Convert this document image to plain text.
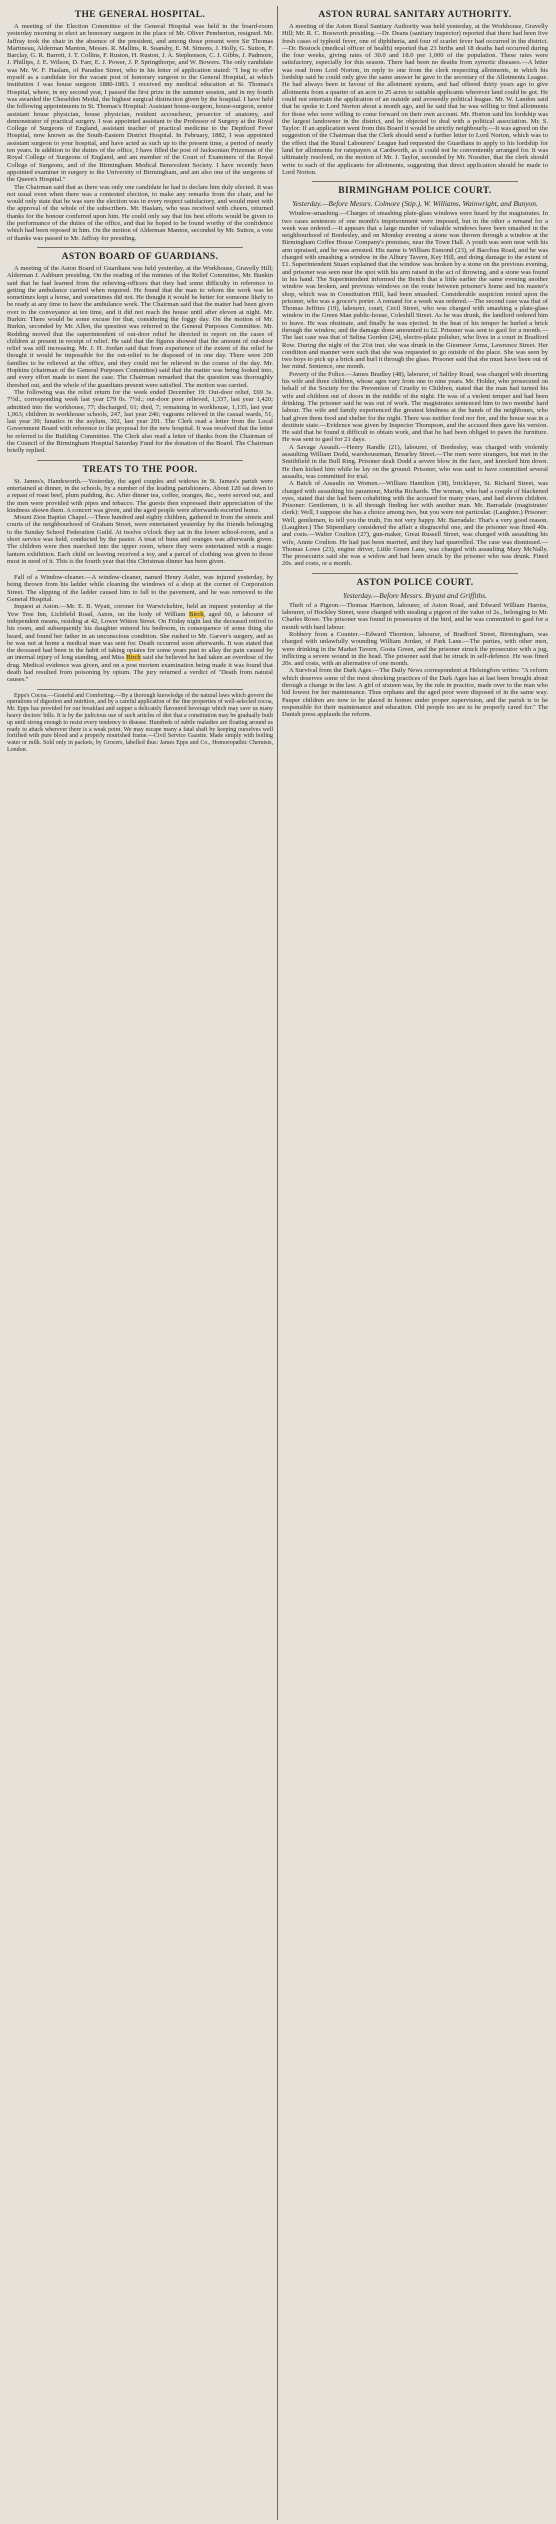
THE GENERAL HOSPITAL.

A meeting of the Election Committee of the General Hospital was held in the board-room yesterday morning to elect an honorary surgeon in the place of Mr. Oliver Pemberton, resigned. Mr. Jaffray took the chair in the absence of the president, and among those present were Sir Thomas Martineau, Alderman Manton, Messrs. R. Mallins, R. Soansby, E. M. Simons, J. Holly, G. Sutton, F. Barclay, G. R. Barrett, J. T. Collins, F. Ruston, H. Ruston, J. A. Stephenson, C. J. Gibbs, J. Padmore, J. Phillips, J. E. Wilson, D. Farr, E. J. Power, J. P. Springthorpe, and W. Bowers. The only candidate was Mr. W. F. Haslam, of Paradise Street, who in his letter of application stated: "I beg to offer myself as a candidate for the vacant post of honorary surgeon to the General Hospital, at which institution I was house surgeon 1880-1883. I received my medical education at St. Thomas's Hospital, where, in my second year, I passed the first prize in the summer session, and in my fourth was awarded the Cheselden Medal, the highest surgical distinction given by the hospital. I have held the following appointments in St. Thomas's Hospital: Assistant house-surgeon, house-surgeon, senior assistant house physician, house physician, resident accoucheur, prosector of anatomy, and demonstrator of practical surgery. I was appointed assistant to the Professor of Surgery at the Royal College of Surgeons of England, assistant teacher of practical medicine to the Deptford Fever Hospital, now known as the South-Eastern District Hospital. In February, 1882, I was appointed assistant surgeon to your hospital, and have acted as such up to the present time, a period of nearly ten years. In addition to the duties of the office, I have filled the post of Jacksonian Prizeman of the Royal College of Surgeons of England, and am member of the Court of Examiners of the Royal College of Surgeons, and of the Birmingham Medical Benevolent Society. I have recently been appointed examiner in surgery to the University of Birmingham, and am also one of the surgeons of the Queen's Hospital."

The Chairman said that as there was only one candidate he had to declare him duly elected. It was not usual even when there was a contested election, to make any remarks from the chair, and he would only state that he was sure the election was in every respect satisfactory, and would meet with the approval of the whole of the subscribers. Mr. Haslam, who was received with cheers, returned thanks for the honour conferred upon him. He could only say that his best efforts would be given to the performance of the duties of the office, and that he hoped to be found worthy of the confidence which had been reposed in him. On the motion of Alderman Manton, seconded by Mr. Sutton, a vote of thanks was passed to Mr. Jaffray for presiding.

ASTON BOARD OF GUARDIANS.

A meeting of the Aston Board of Guardians was held yesterday, at the Workhouse, Gravelly Hill; Alderman J. Ashburn presiding. On the reading of the minutes of the Relief Committee, Mr. Bunkin said that he had learned from the relieving-officers that they had some difficulty in reference to getting the ambulance carried when required. He found that the man to whom the work was let sometimes kept a horse, and sometimes did not. He thought it would be better for someone likely to be ready at any time to have the ambulance work. The Chairman said that the matter had been given over to the conveyance at ten time, and it did not reach the house until after eleven at night. Mr. Burkin: There would be some excuse for that, considering the foggy day. On the motion of Mr. Burkin, seconded by Mr. Allen, the question was referred to the General Purposes Committee. Mr. Redding moved that the superintendent of out-door relief be directed to report on the cases of children at present in receipt of relief. He said that the figures showed that the amount of out-door relief was still increasing. Mr. J. H. Jordan said that from experience of the extent of the relief he thought it would be impossible for the out-relief to be disposed of in one day. There were 200 families to be relieved at the office, and they could not be relieved in the course of the day. Mr. Hopkins (chairman of the General Purposes Committee) said that the matter was being looked into, and every effort made to meet the case. The Chairman remarked that the question was thoroughly threshed out, and the whole of the guardians present were satisfied. The motion was carried.

The following was the relief return for the week ended December 19: Out-door relief, £69 3s. 7½d., corresponding week last year £79 0s. 7½d.; out-door poor relieved, 1,337, last year 1,420; admitted into the workhouse, 77; discharged, 61; died, 7; remaining in workhouse, 1,135, last year 1,063; children in workhouse schools, 247, last year 246; vagrants relieved in the casual wards, 51, last year 39; lunatics in the asylum, 302, last year 291. The Clerk read a letter from the Local Government Board with reference to the proposal for the new hospital. It was resolved that the letter be referred to the Building Committee. The Clerk also read a letter of thanks from the Chairman of the Council of the Birmingham Hospital Saturday Fund for the donation of the Board. The Chairman briefly replied.

TREATS TO THE POOR.

St. James's, Handsworth.—Yesterday, the aged couples and widows in St. James's parish were entertained at dinner, in the schools, by a number of the leading parishioners. About 120 sat down to a repast of roast beef, plum pudding, &c. After dinner tea, coffee, oranges, &c., were served out, and the men were provided with pipes and tobacco. The guests then expressed their appreciation of the kindness shown them. A concert was given, and the aged people were afterwards escorted home.

Mount Zion Baptist Chapel.—Three hundred and eighty children, gathered in from the streets and courts of the neighbourhood of Graham Street, were entertained yesterday by the friends belonging to the Sunday School Federation Guild. At twelve o'clock they sat in the lower school-room, and a short service was held, conducted by the pastor. A treat of buns and oranges was afterwards given. The children were then marched into the upper room, where they were entertained with a magic lantern exhibition. Each child on leaving received a toy, and a parcel of clothing was given to those most in need of it. This is the fourth year that this Christmas dinner has been given.

Fall of a Window-cleaner.—A window-cleaner, named Henry Astler, was injured yesterday, by being thrown from his ladder while cleaning the windows of a shop at the corner of Corporation Street. The slipping of the ladder caused him to fall to the pavement, and he was removed to the General Hospital.

Inquest at Aston.—Mr. E. B. Wyatt, coroner for Warwickshire, held an inquest yesterday at the Yew Tree Inn, Lichfield Road, Aston, on the body of William Birch, aged 60, a labourer of independent means, residing at 42, Lower Witton Street. On Friday night last the deceased retired to his room, and subsequently his daughter entered his bedroom, in consequence of some thing she heard, and found her father in an unconscious condition. She rushed to Mr. Garver's surgery, and as he was not at home a medical man was sent for. Death occurred soon afterwards. It was stated that the deceased had been in the habit of taking opiates for some years past to allay the pain caused by an internal injury of long standing, and Miss Birch said she believed he had taken an overdose of the drug. Medical evidence was given, and on a post mortem examination being made it was found that death had resulted from poisoning by opium. The jury returned a verdict of "Death from natural causes."

Epps's Cocoa.—Grateful and Comforting.—By a thorough knowledge of the natural laws which govern the operations of digestion and nutrition, and by a careful application of the fine properties of well-selected cocoa, Mr. Epps has provided for our breakfast and supper a delicately flavoured beverage which may save us many heavy doctors' bills. It is by the judicious use of such articles of diet that a constitution may be gradually built up until strong enough to resist every tendency to disease. Hundreds of subtle maladies are floating around us ready to attack wherever there is a weak point. We may escape many a fatal shaft by keeping ourselves well fortified with pure blood and a properly nourished frame.—Civil Service Gazette. Made simply with boiling water or milk. Sold only in packets, by Grocers, labelled thus: James Epps and Co., Homoeopathic Chemists, London.

ASTON RURAL SANITARY AUTHORITY.

A meeting of the Aston Rural Sanitary Authority was held yesterday, at the Workhouse, Gravelly Hill; Mr. R. C. Bosworth presiding.—Dr. Deans (sanitary inspector) reported that there had been five fresh cases of typhoid fever, one of diphtheria, and four of scarlet fever had occurred in the district.—Dr. Bostock (medical officer of health) reported that 23 births and 18 deaths had occurred during the four weeks, giving rates of 30.0 and 18.0 per 1,000 of the population. These rates were satisfactory, especially for this season. There had been no deaths from zymotic diseases.—A letter was read from Lord Norton, in reply to one from the clerk respecting allotments, in which his lordship said he could only give the same answer he gave to the secretary of the Allotments League. He had always been in favour of the allotment system, and had offered thirty years ago to give allotments from a quarter of an acre to 25 acres to suitable applicants wherever land could be got. He could not entertain the application of an outside and avowedly political league. Mr. W. Landon said that he spoke to Lord Norton about a month ago, and he said that he was willing to find allotments for those who were willing to come forward on their own account. Mr. Horton said his lordship was the largest landowner in the district, and he objected to deal with a political association. Mr. S. Taylor: If an application went from this Board it would be strictly neighbourly.—It was agreed on the suggestion of the Chairman that the Clerk should send a further letter to Lord Norton, which was to the effect that the Rural Labourers' League had requested the Guardians to apply to his lordship for land for allotments for ratepayers at Cardworth, as it could not be conveniently arranged for. It was ultimately resolved, on the motion of Mr. J. Taylor, seconded by Mr. Nossiter, that the clerk should write to each of the applicants for allotments, suggesting that direct application should be made to Lord Norton.

BIRMINGHAM POLICE COURT.
Yesterday.—Before Messrs. Colmore (Stip.), W. Williams, Wainwright, and Bunyon.

Window-smashing.—Charges of smashing plate-glass windows were heard by the magistrates. In two cases sentences of one month's imprisonment were imposed, but in the other a remand for a week was ordered.—It appears that a large number of valuable windows have been smashed in the neighbourhood of Bordesley, and on Monday evening a stone was thrown through a window at the Birmingham Coffee House Company's premises, near the Town Hall. A youth was seen near with his arm upraised, and he was arrested. His name is William Esmond (23), of Bacchus Road, and he was charged with smashing a window in the Albury Tavern, Key Hill, and doing damage to the extent of £1. Superintendent Stuart explained that the window was broken by a stone on the previous evening, and prisoner was seen near the spot with his arm raised in the act of throwing, and a stone was found in his hand. The Superintendent informed the Bench that a little earlier the same evening another window was broken, and previous windows on the route between prisoner's home and his master's shop, which was in Constitution Hill, had been smashed. Considerable suspicion rested upon the prisoner, who was a grocer's porter. A remand for a week was ordered.—The second case was that of Thomas Jeffries (19), labourer, court, Cecil Street, who was charged with smashing a plate-glass window in the Green Man public-house, Coleshill Street. As he was drunk, the landlord ordered him to leave. He was obstinate, and finally he was ejected. In the heat of his temper he hurled a brick through the window, and the damage done amounted to £2. Prisoner was sent to gaol for a month.—The last case was that of Selina Gordon (24), electro-plate polisher, who lives in a court in Bradford Row. During the night of the 21st inst. she was drunk in the Giesmeer Arms, Lawrence Street. Her condition and manner were such that she was requested to go outside of the place. She was seen by two boys to pick up a brick and hurl it through the glass. Prisoner said that she must have been out of her mind. Sentence, one month.

Poverty of the Police.—James Bradley (48), labourer, of Saltley Road, was charged with deserting his wife and three children, whose ages vary from one to nine years. Mr. Holder, who prosecuted on behalf of the Society for the Prevention of Cruelty to Children, stated that the man had turned his wife and children out of doors in the middle of the night. He was of a violent temper and had been drinking. The prisoner said he was out of work. The magistrates sentenced him to two months' hard labour. The wife and family experienced the greatest kindness at the hands of the neighbours, who had given them food and shelter for the night. There was neither food nor fire, and the house was in a destitute state.—Evidence was given by Inspector Thompson, and the accused then gave his version. He said that he found it difficult to obtain work, and that he had been obliged to pawn the furniture. He was sent to gaol for 21 days.

A Savage Assault.—Henry Randle (21), labourer, of Bordesley, was charged with violently assaulting William Dodd, warehouseman, Brearley Street.—The men were strangers, but met in the Smithfield in the Bull Ring. Prisoner dealt Dodd a severe blow in the face, and knocked him down. He then kicked him while he lay on the ground. Prisoner, who was said to have committed several assaults, was committed for trial.

A Batch of Assaults on Women.—William Hamilton (38), bricklayer, St. Richard Street, was charged with assaulting his paramour, Martha Richards. The woman, who had a couple of blackened eyes, stated that she had been cohabiting with the accused for many years, and had eleven children. Prisoner: Gentlemen, it is all through finding her with another man. Mr. Barradale (magistrates' clerk): Well, I suppose she has a choice among two, but you were not particular. (Laughter.) Prisoner: Well, gentlemen, to tell you the truth, I'm not very happy. Mr. Barradale: That's a very good reason. (Laughter.) The Stipendiary considered the affair a disgraceful one, and the prisoner was fined 40s. and costs.—Walter Coulton (27), gun-maker, Great Russell Street, was charged with assaulting his wife, Annie Coulton. He had just been married, and they had quarrelled. The case was dismissed.—Thomas Lowe (23), engine driver, Little Green Lane, was charged with assaulting Mary McNally. The prosecutrix said she was a widow and had been struck by the prisoner who was drunk. Fined 20s. and costs, or a month.

ASTON POLICE COURT.
Yesterday.—Before Messrs. Bryant and Griffiths.

Theft of a Pigeon.—Thomas Harrison, labourer, of Aston Road, and Edward William Harriss, labourer, of Hockley Street, were charged with stealing a pigeon of the value of 2s., belonging to Mr. Charles Rowe. The prisoner was found in possession of the bird, and he was committed to gaol for a month with hard labour.

Robbery from a Counter.—Edward Thornton, labourer, of Bradford Street, Birmingham, was charged with unlawfully wounding William Jordan, of Park Lane.—The parties, with other men, were drinking in the Market Tavern, Gosta Green, and the prisoner struck the prosecutor with a jug, inflicting a severe wound in the head. The prisoner said that he struck in self-defence. He was fined 20s. and costs, with an alternative of one month.

A Survival from the Dark Ages.—The Daily News correspondent at Helsingfors writes: "A reform which deserves some of the most shocking practices of the Dark Ages has at last been brought about through a change in the law. A girl of sixteen was, by the rule in practice, made over to the man who bid lowest for her maintenance. Thus orphans and the aged poor were disposed of in the same way. Pauper children are now to be placed in homes under proper supervision, and the parish is to be responsible for their maintenance and education. Old people too are to be properly cared for." The Danish press applauds the reform.
